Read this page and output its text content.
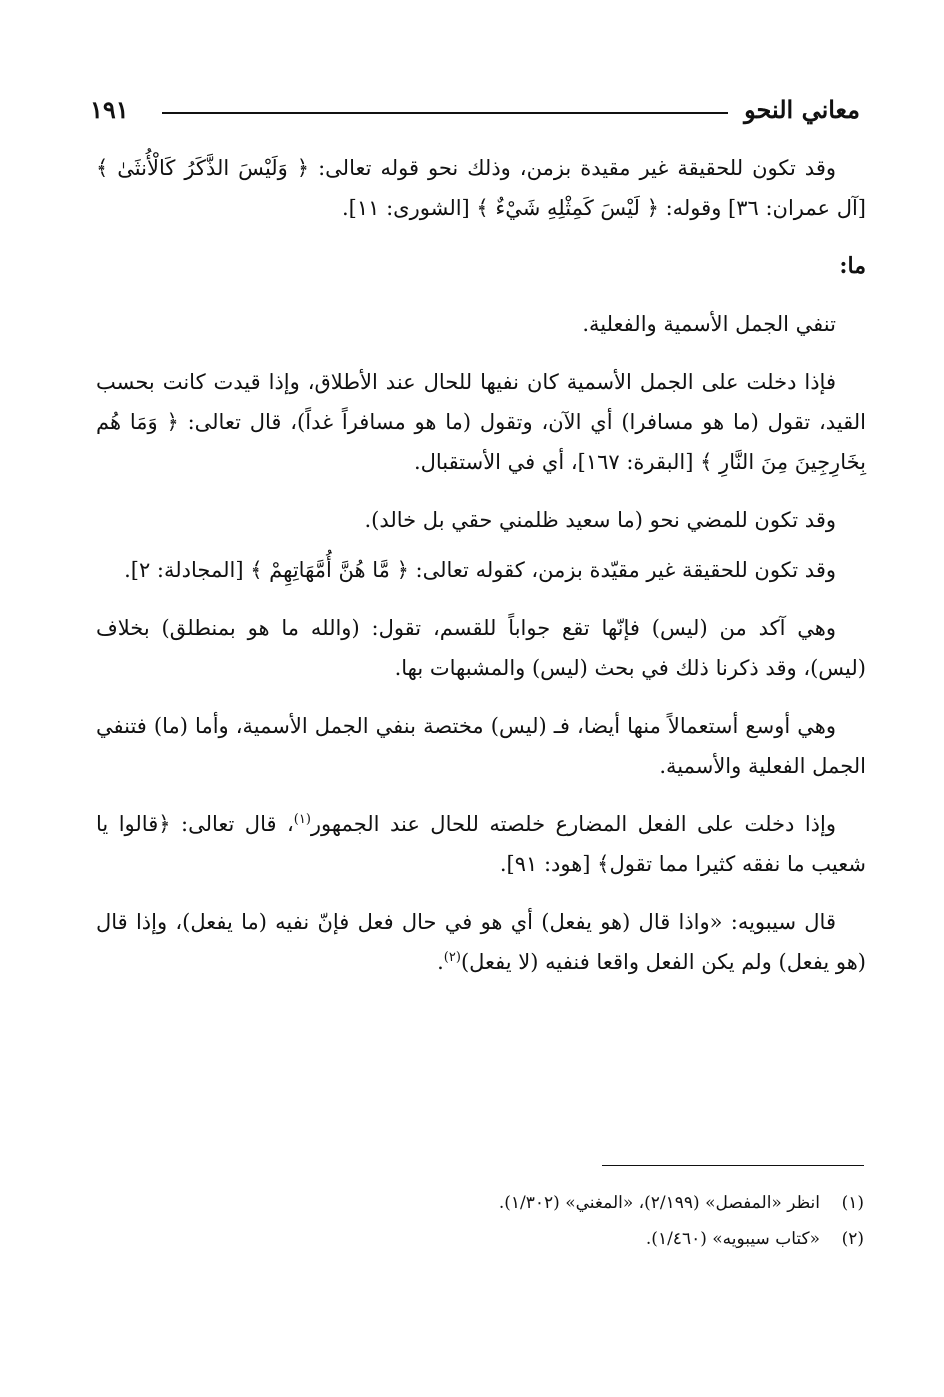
١٩١	معاني النحو

وقد تكون للحقيقة غير مقيدة بزمن، وذلك نحو قوله تعالى: ﴿ وَلَيْسَ الذَّكَرُ كَالْأُنثَىٰ ﴾ [آل عمران: ٣٦] وقوله: ﴿ لَيْسَ كَمِثْلِهِ شَيْءٌ ﴾ [الشورى: ١١].

ما:

تنفي الجمل الأسمية والفعلية.

فإذا دخلت على الجمل الأسمية كان نفيها للحال عند الأطلاق، وإذا قيدت كانت بحسب القيد، تقول (ما هو مسافرا) أي الآن، وتقول (ما هو مسافراً غداً)، قال تعالى: ﴿ وَمَا هُم بِخَارِجِينَ مِنَ النَّارِ ﴾ [البقرة: ١٦٧]، أي في الأستقبال.

وقد تكون للمضي نحو (ما سعيد ظلمني حقي بل خالد).

وقد تكون للحقيقة غير مقيّدة بزمن، كقوله تعالى: ﴿ مَّا هُنَّ أُمَّهَاتِهِمْ ﴾ [المجادلة: ٢].

وهي آكد من (ليس) فإنّها تقع جواباً للقسم، تقول: (والله ما هو بمنطلق) بخلاف (ليس)، وقد ذكرنا ذلك في بحث (ليس) والمشبهات بها.

وهي أوسع أستعمالاً منها أيضا، فـ (ليس) مختصة بنفي الجمل الأسمية، وأما (ما) فتنفي الجمل الفعلية والأسمية.

وإذا دخلت على الفعل المضارع خلصته للحال عند الجمهور$^{(١)}$، قال تعالى: ﴿قالوا يا شعيب ما نفقه كثيرا مما تقول﴾ [هود: ٩١].

قال سيبويه: «واذا قال (هو يفعل) أي هو في حال فعل فإنّ نفيه (ما يفعل)، وإذا قال (هو يفعل) ولم يكن الفعل واقعا فنفيه (لا يفعل)$^{(٢)}$.

(١)انظر «المفصل» (٢/١٩٩)، «المغني» (١/٣٠٢).

(٢)«كتاب سيبويه» (١/٤٦٠).
